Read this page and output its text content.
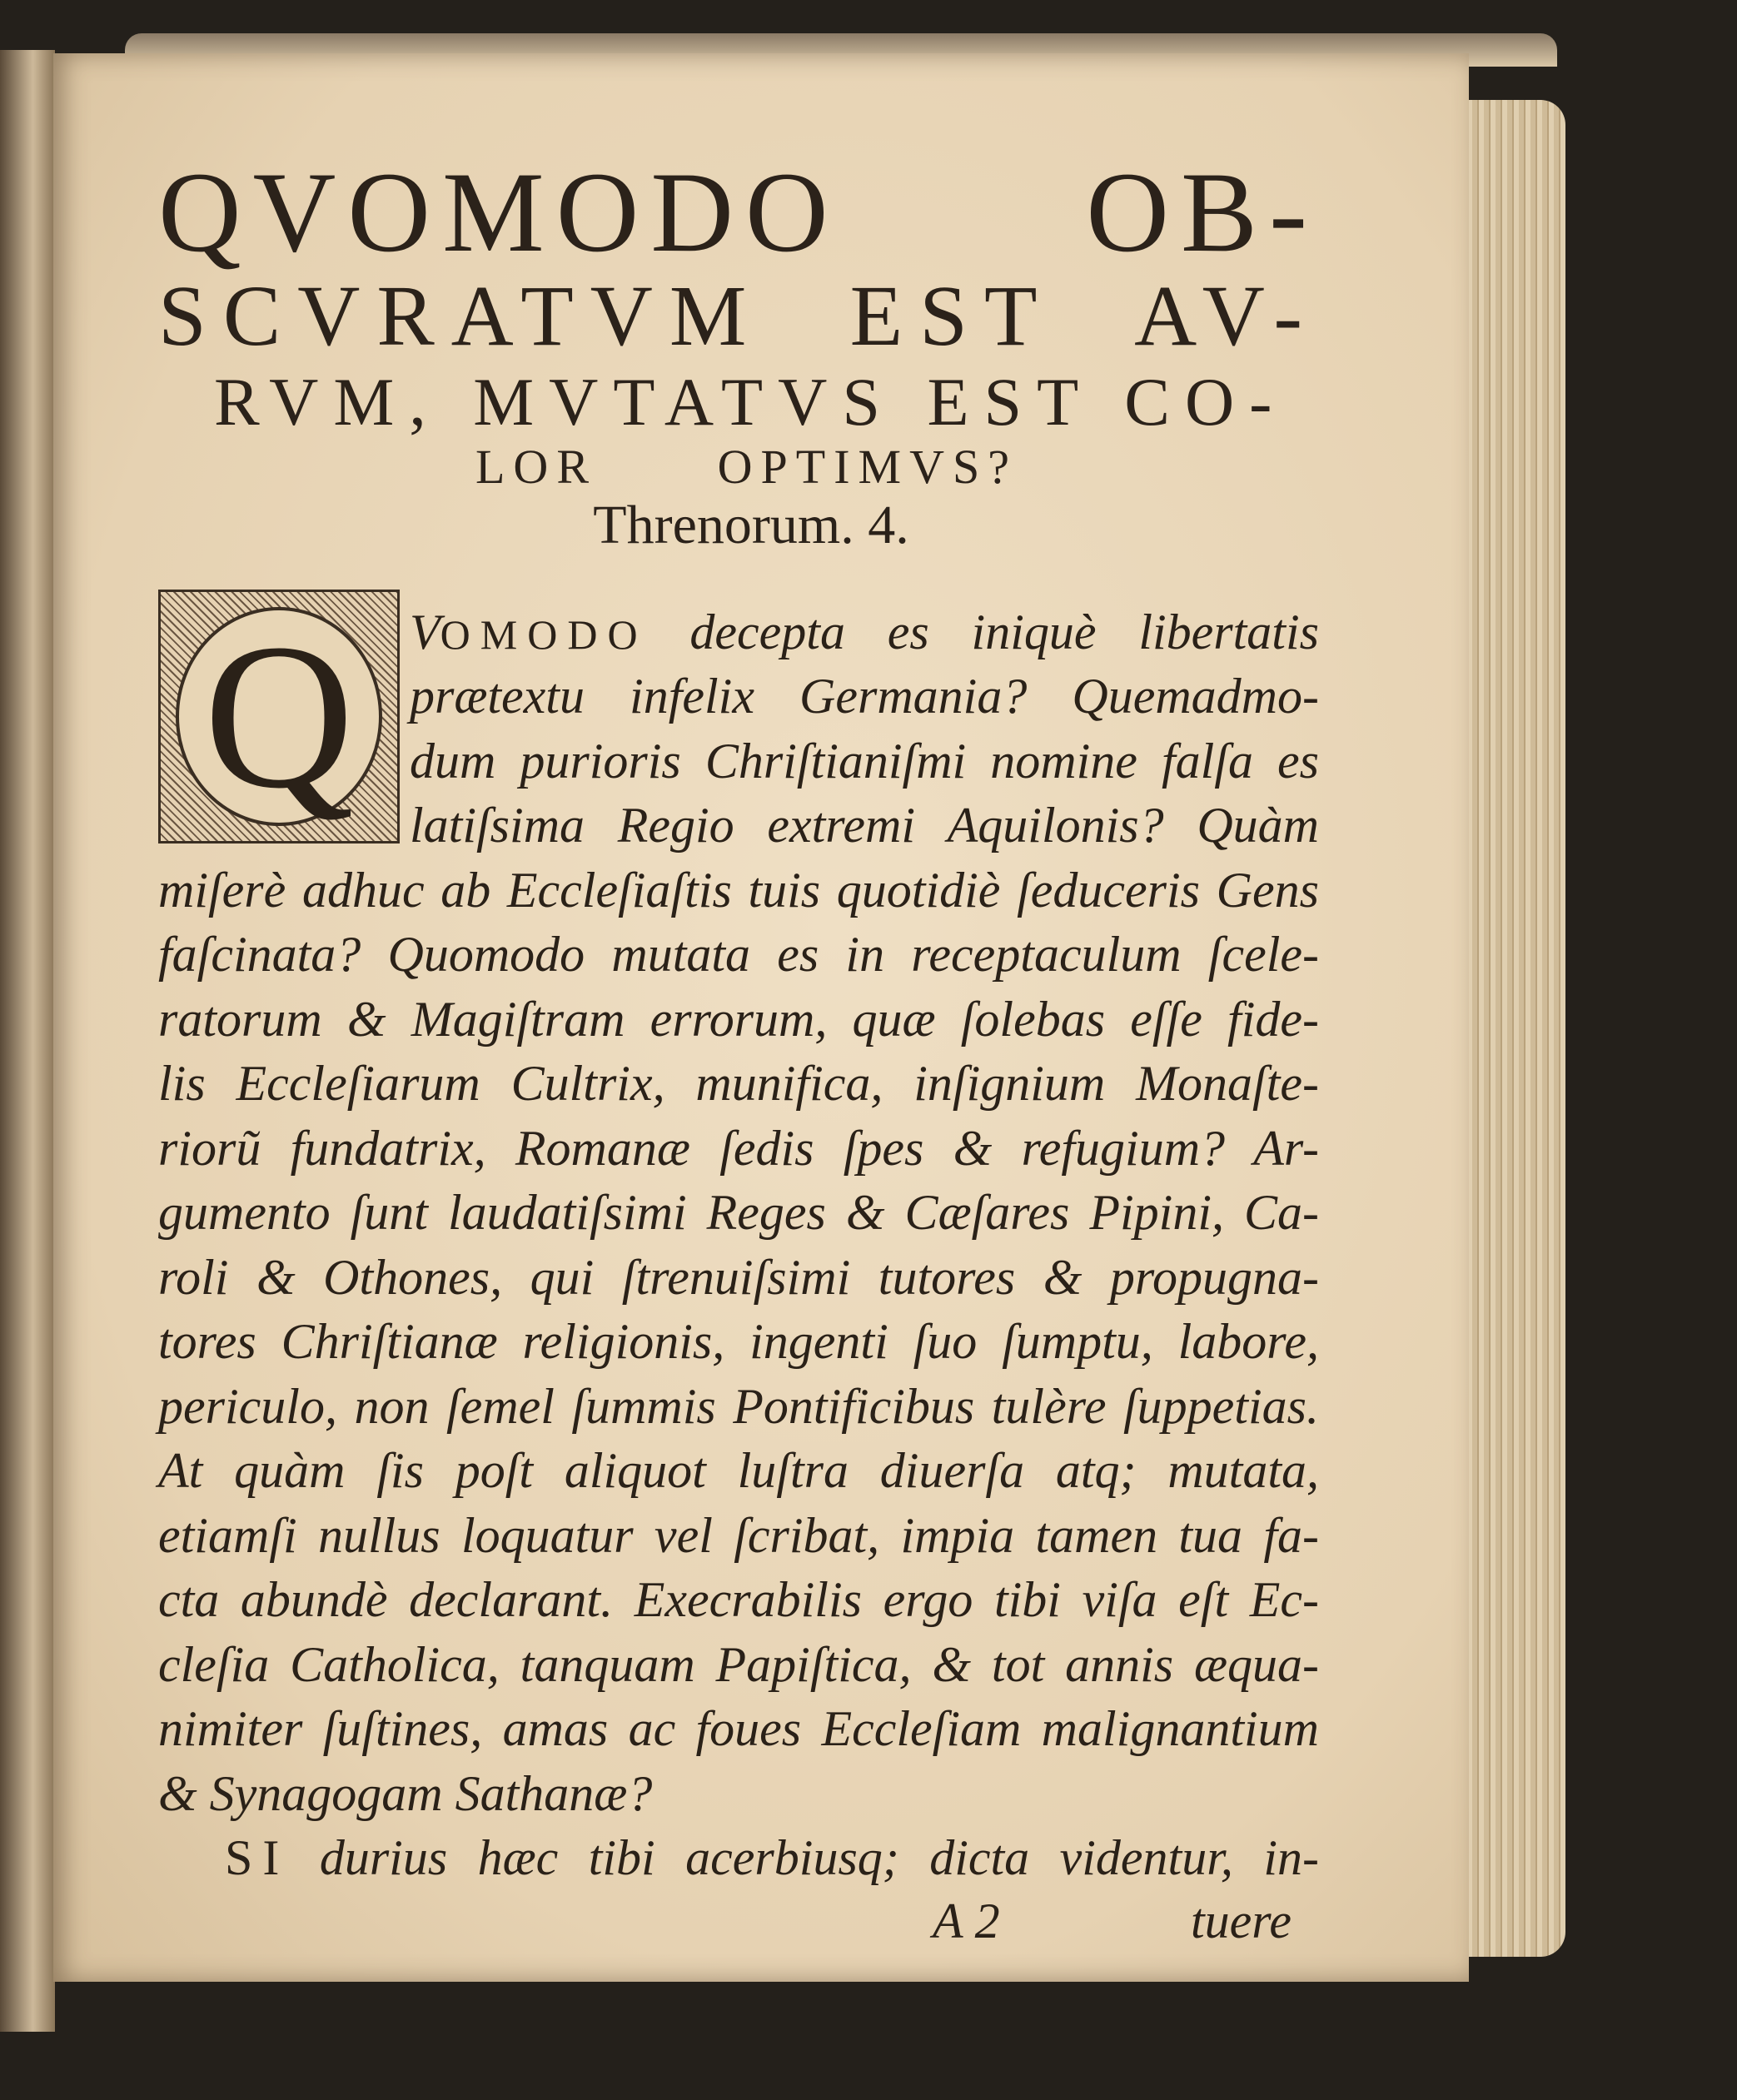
QVOMODO OB-
SCVRATVM EST AV-
RVM, MVTATVS EST CO-
LOR OPTIMVS?
Threnorum. 4.
Q	VOMODO decepta es iniquè libertatis
prætextu infelix Germania? Quemadmo-
dum purioris Chriſtianiſmi nomine falſa es
latiſsima Regio extremi Aquilonis? Quàm
miſerè adhuc ab Eccleſiaſtis tuis quotidiè ſeduceris Gens
faſcinata? Quomodo mutata es in receptaculum ſcele-
ratorum & Magiſtram errorum, quæ ſolebas eſſe fide-
lis Eccleſiarum Cultrix, munifica, inſignium Monaſte-
riorũ fundatrix, Romanæ ſedis ſpes & refugium? Ar-
gumento ſunt laudatiſsimi Reges & Cæſares Pipini, Ca-
roli & Othones, qui ſtrenuiſsimi tutores & propugna-
tores Chriſtianæ religionis, ingenti ſuo ſumptu, labore,
periculo, non ſemel ſummis Pontificibus tulère ſuppetias.
At quàm ſis poſt aliquot luſtra diuerſa atq; mutata,
etiamſi nullus loquatur vel ſcribat, impia tamen tua fa-
cta abundè declarant. Execrabilis ergo tibi viſa eſt Ec-
cleſia Catholica, tanquam Papiſtica, & tot annis æqua-
nimiter ſuſtines, amas ac foues Eccleſiam malignantium
& Synagogam Sathanæ?
SI durius hæc tibi acerbiusq; dicta videntur, in-
A 2	tuere
